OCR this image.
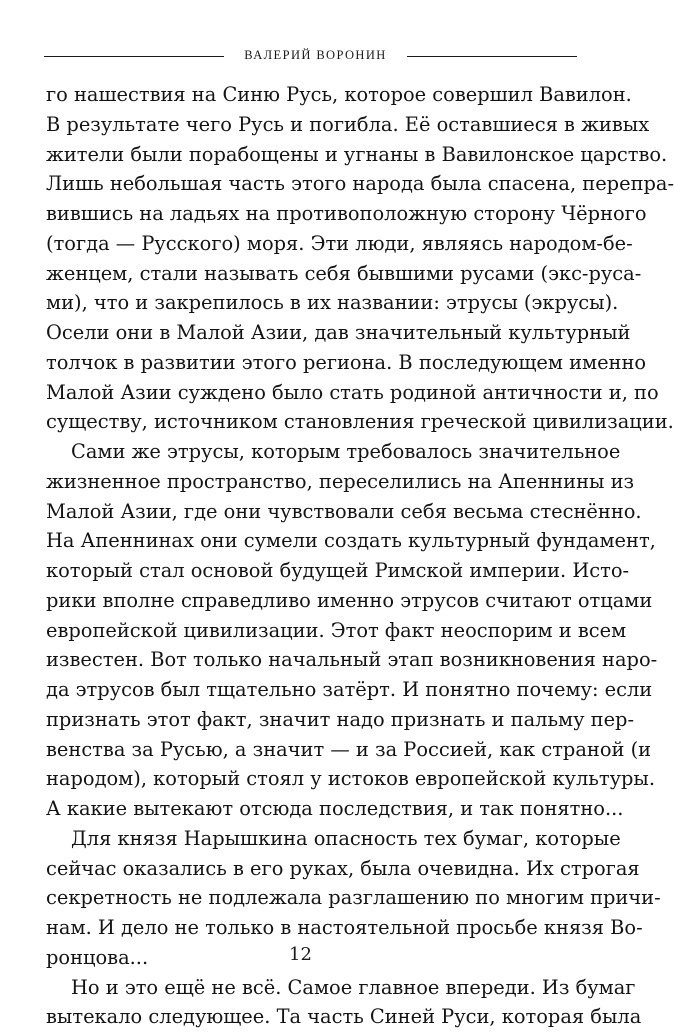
ВАЛЕРИЙ ВОРОНИН
го нашествия на Синю Русь, которое совершил Вавилон.
В результате чего Русь и погибла. Её оставшиеся в живых
жители были порабощены и угнаны в Вавилонское царство.
Лишь небольшая часть этого народа была спасена, перепра-
вившись на ладьях на противоположную сторону Чёрного
(тогда — Русского) моря. Эти люди, являясь народом-бе-
женцем, стали называть себя бывшими русами (экс-руса-
ми), что и закрепилось в их названии: этрусы (экрусы).
Осели они в Малой Азии, дав значительный культурный
толчок в развитии этого региона. В последующем именно
Малой Азии суждено было стать родиной античности и, по
существу, источником становления греческой цивилизации.
Сами же этрусы, которым требовалось значительное
жизненное пространство, переселились на Апеннины из
Малой Азии, где они чувствовали себя весьма стеснённо.
На Апеннинах они сумели создать культурный фундамент,
который стал основой будущей Римской империи. Исто-
рики вполне справедливо именно этрусов считают отцами
европейской цивилизации. Этот факт неоспорим и всем
известен. Вот только начальный этап возникновения наро-
да этрусов был тщательно затёрт. И понятно почему: если
признать этот факт, значит надо признать и пальму пер-
венства за Русью, а значит — и за Россией, как страной (и
народом), который стоял у истоков европейской культуры.
А какие вытекают отсюда последствия, и так понятно...
Для князя Нарышкина опасность тех бумаг, которые
сейчас оказались в его руках, была очевидна. Их строгая
секретность не подлежала разглашению по многим причи-
нам. И дело не только в настоятельной просьбе князя Во-
ронцова...
Но и это ещё не всё. Самое главное впереди. Из бумаг
вытекало следующее. Та часть Синей Руси, которая была
12
